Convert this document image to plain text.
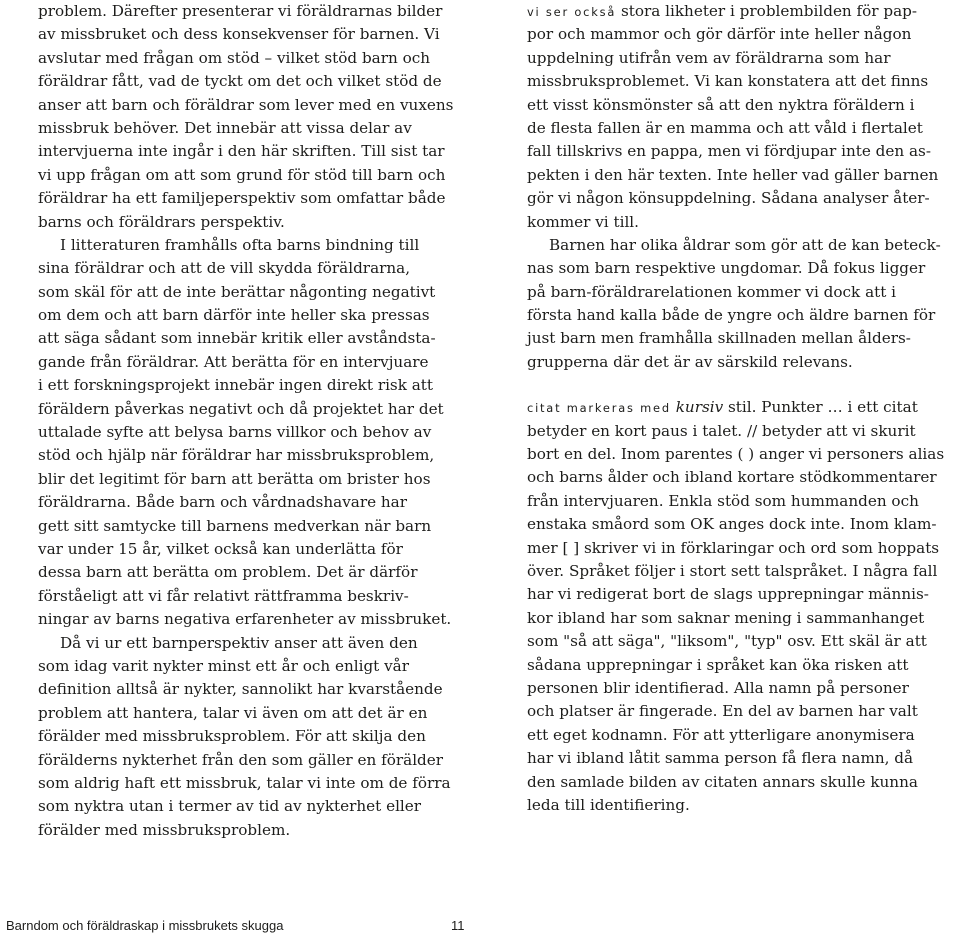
problem. Därefter presenterar vi föräldrarnas bilder
av missbruket och dess konsekvenser för barnen. Vi
avslutar med frågan om stöd – vilket stöd barn och
föräldrar fått, vad de tyckt om det och vilket stöd de
anser att barn och föräldrar som lever med en vuxens
missbruk behöver. Det innebär att vissa delar av
intervjuerna inte ingår i den här skriften. Till sist tar
vi upp frågan om att som grund för stöd till barn och
föräldrar ha ett familjeperspektiv som omfattar både
barns och föräldrars perspektiv.
I litteraturen framhålls ofta barns bindning till
sina föräldrar och att de vill skydda föräldrarna,
som skäl för att de inte berättar någonting negativt
om dem och att barn därför inte heller ska pressas
att säga sådant som innebär kritik eller avståndsta-
gande från föräldrar. Att berätta för en intervjuare
i ett forskningsprojekt innebär ingen direkt risk att
föräldern påverkas negativt och då projektet har det
uttalade syfte att belysa barns villkor och behov av
stöd och hjälp när föräldrar har missbruksproblem,
blir det legitimt för barn att berätta om brister hos
föräldrarna. Både barn och vårdnadshavare har
gett sitt samtycke till barnens medverkan när barn
var under 15 år, vilket också kan underlätta för
dessa barn att berätta om problem. Det är därför
förståeligt att vi får relativt rättframma beskriv-
ningar av barns negativa erfarenheter av missbruket.
Då vi ur ett barnperspektiv anser att även den
som idag varit nykter minst ett år och enligt vår
definition alltså är nykter, sannolikt har kvarstående
problem att hantera, talar vi även om att det är en
förälder med missbruksproblem. För att skilja den
förälderns nykterhet från den som gäller en förälder
som aldrig haft ett missbruk, talar vi inte om de förra
som nyktra utan i termer av tid av nykterhet eller
förälder med missbruksproblem.
vi ser också stora likheter i problembilden för pap-
por och mammor och gör därför inte heller någon
uppdelning utifrån vem av föräldrarna som har
missbruksproblemet. Vi kan konstatera att det finns
ett visst könsmönster så att den nyktra föräldern i
de flesta fallen är en mamma och att våld i flertalet
fall tillskrivs en pappa, men vi fördjupar inte den as-
pekten i den här texten. Inte heller vad gäller barnen
gör vi någon könsuppdelning. Sådana analyser åter-
kommer vi till.
Barnen har olika åldrar som gör att de kan beteck-
nas som barn respektive ungdomar. Då fokus ligger
på barn-föräldrarelationen kommer vi dock att i
första hand kalla både de yngre och äldre barnen för
just barn men framhålla skillnaden mellan ålders-
grupperna där det är av särskild relevans.
citat markeras med kursiv stil. Punkter … i ett citat
betyder en kort paus i talet. // betyder att vi skurit
bort en del. Inom parentes ( ) anger vi personers alias
och barns ålder och ibland kortare stödkommentarer
från intervjuaren. Enkla stöd som hummanden och
enstaka småord som OK anges dock inte. Inom klam-
mer [ ] skriver vi in förklaringar och ord som hoppats
över. Språket följer i stort sett talspråket. I några fall
har vi redigerat bort de slags upprepningar männis-
kor ibland har som saknar mening i sammanhanget
som "så att säga", "liksom", "typ" osv. Ett skäl är att
sådana upprepningar i språket kan öka risken att
personen blir identifierad. Alla namn på personer
och platser är fingerade. En del av barnen har valt
ett eget kodnamn. För att ytterligare anonymisera
har vi ibland låtit samma person få flera namn, då
den samlade bilden av citaten annars skulle kunna
leda till identifiering.
Barndom och föräldraskap i missbrukets skugga	11
